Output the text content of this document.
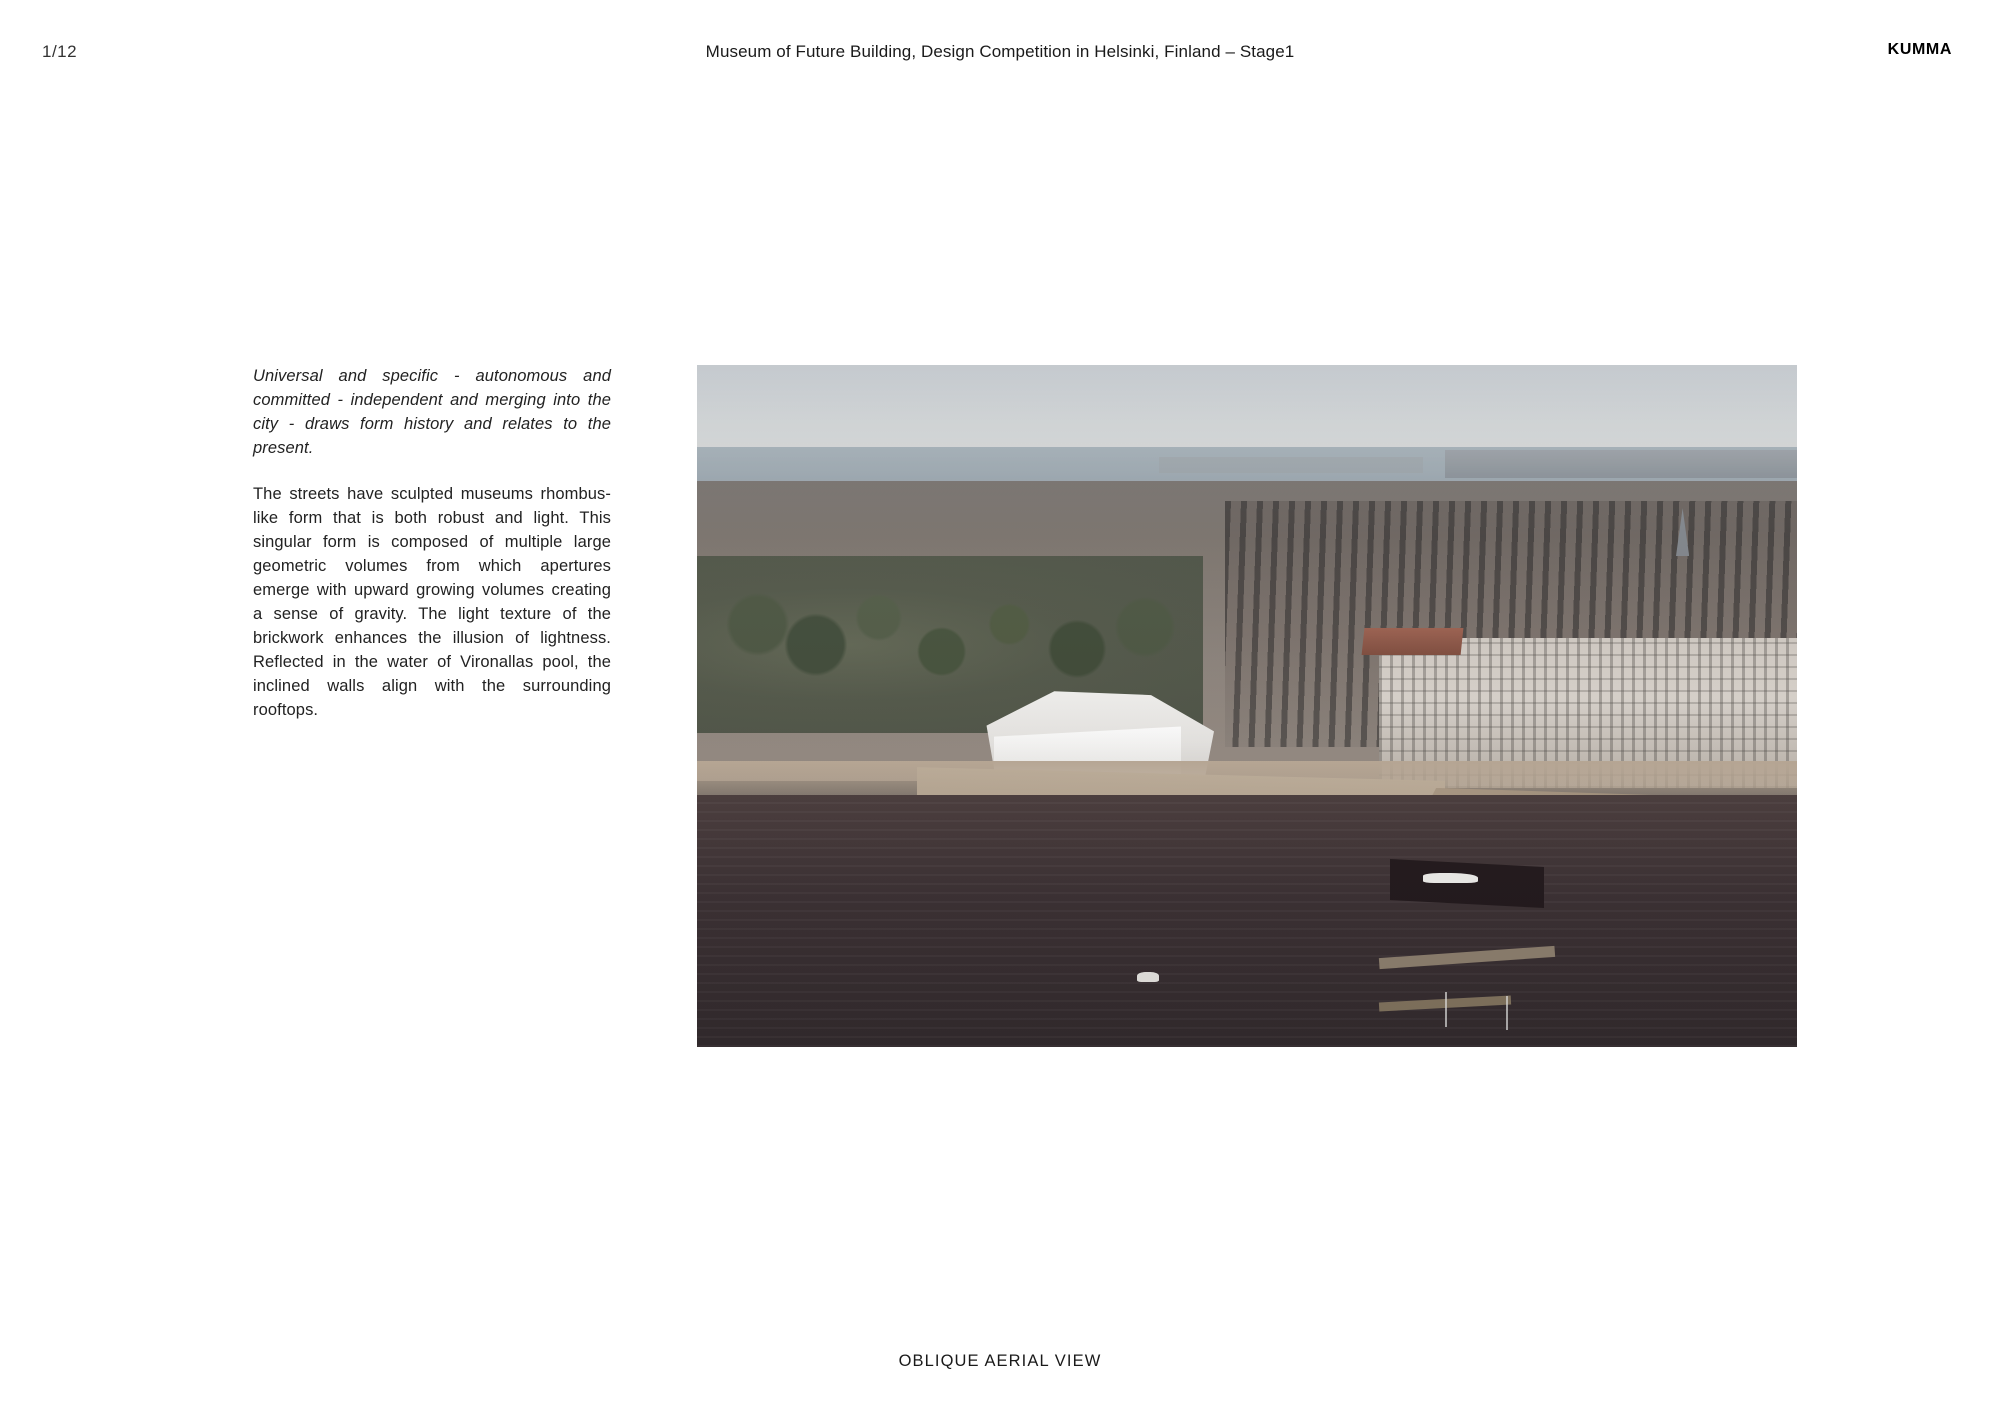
1/12	Museum of Future Building, Design Competition in Helsinki, Finland – Stage1	KUMMA

Universal and specific - autonomous and committed - independent and merging into the city - draws form history and relates to the present.

The streets have sculpted museums rhombus-like form that is both robust and light. This singular form is composed of multiple large geometric volumes from which apertures emerge with upward growing volumes creating a sense of gravity. The light texture of the brickwork enhances the illusion of lightness. Reflected in the water of Vironallas pool, the inclined walls align with the surrounding rooftops.

OBLIQUE AERIAL VIEW
